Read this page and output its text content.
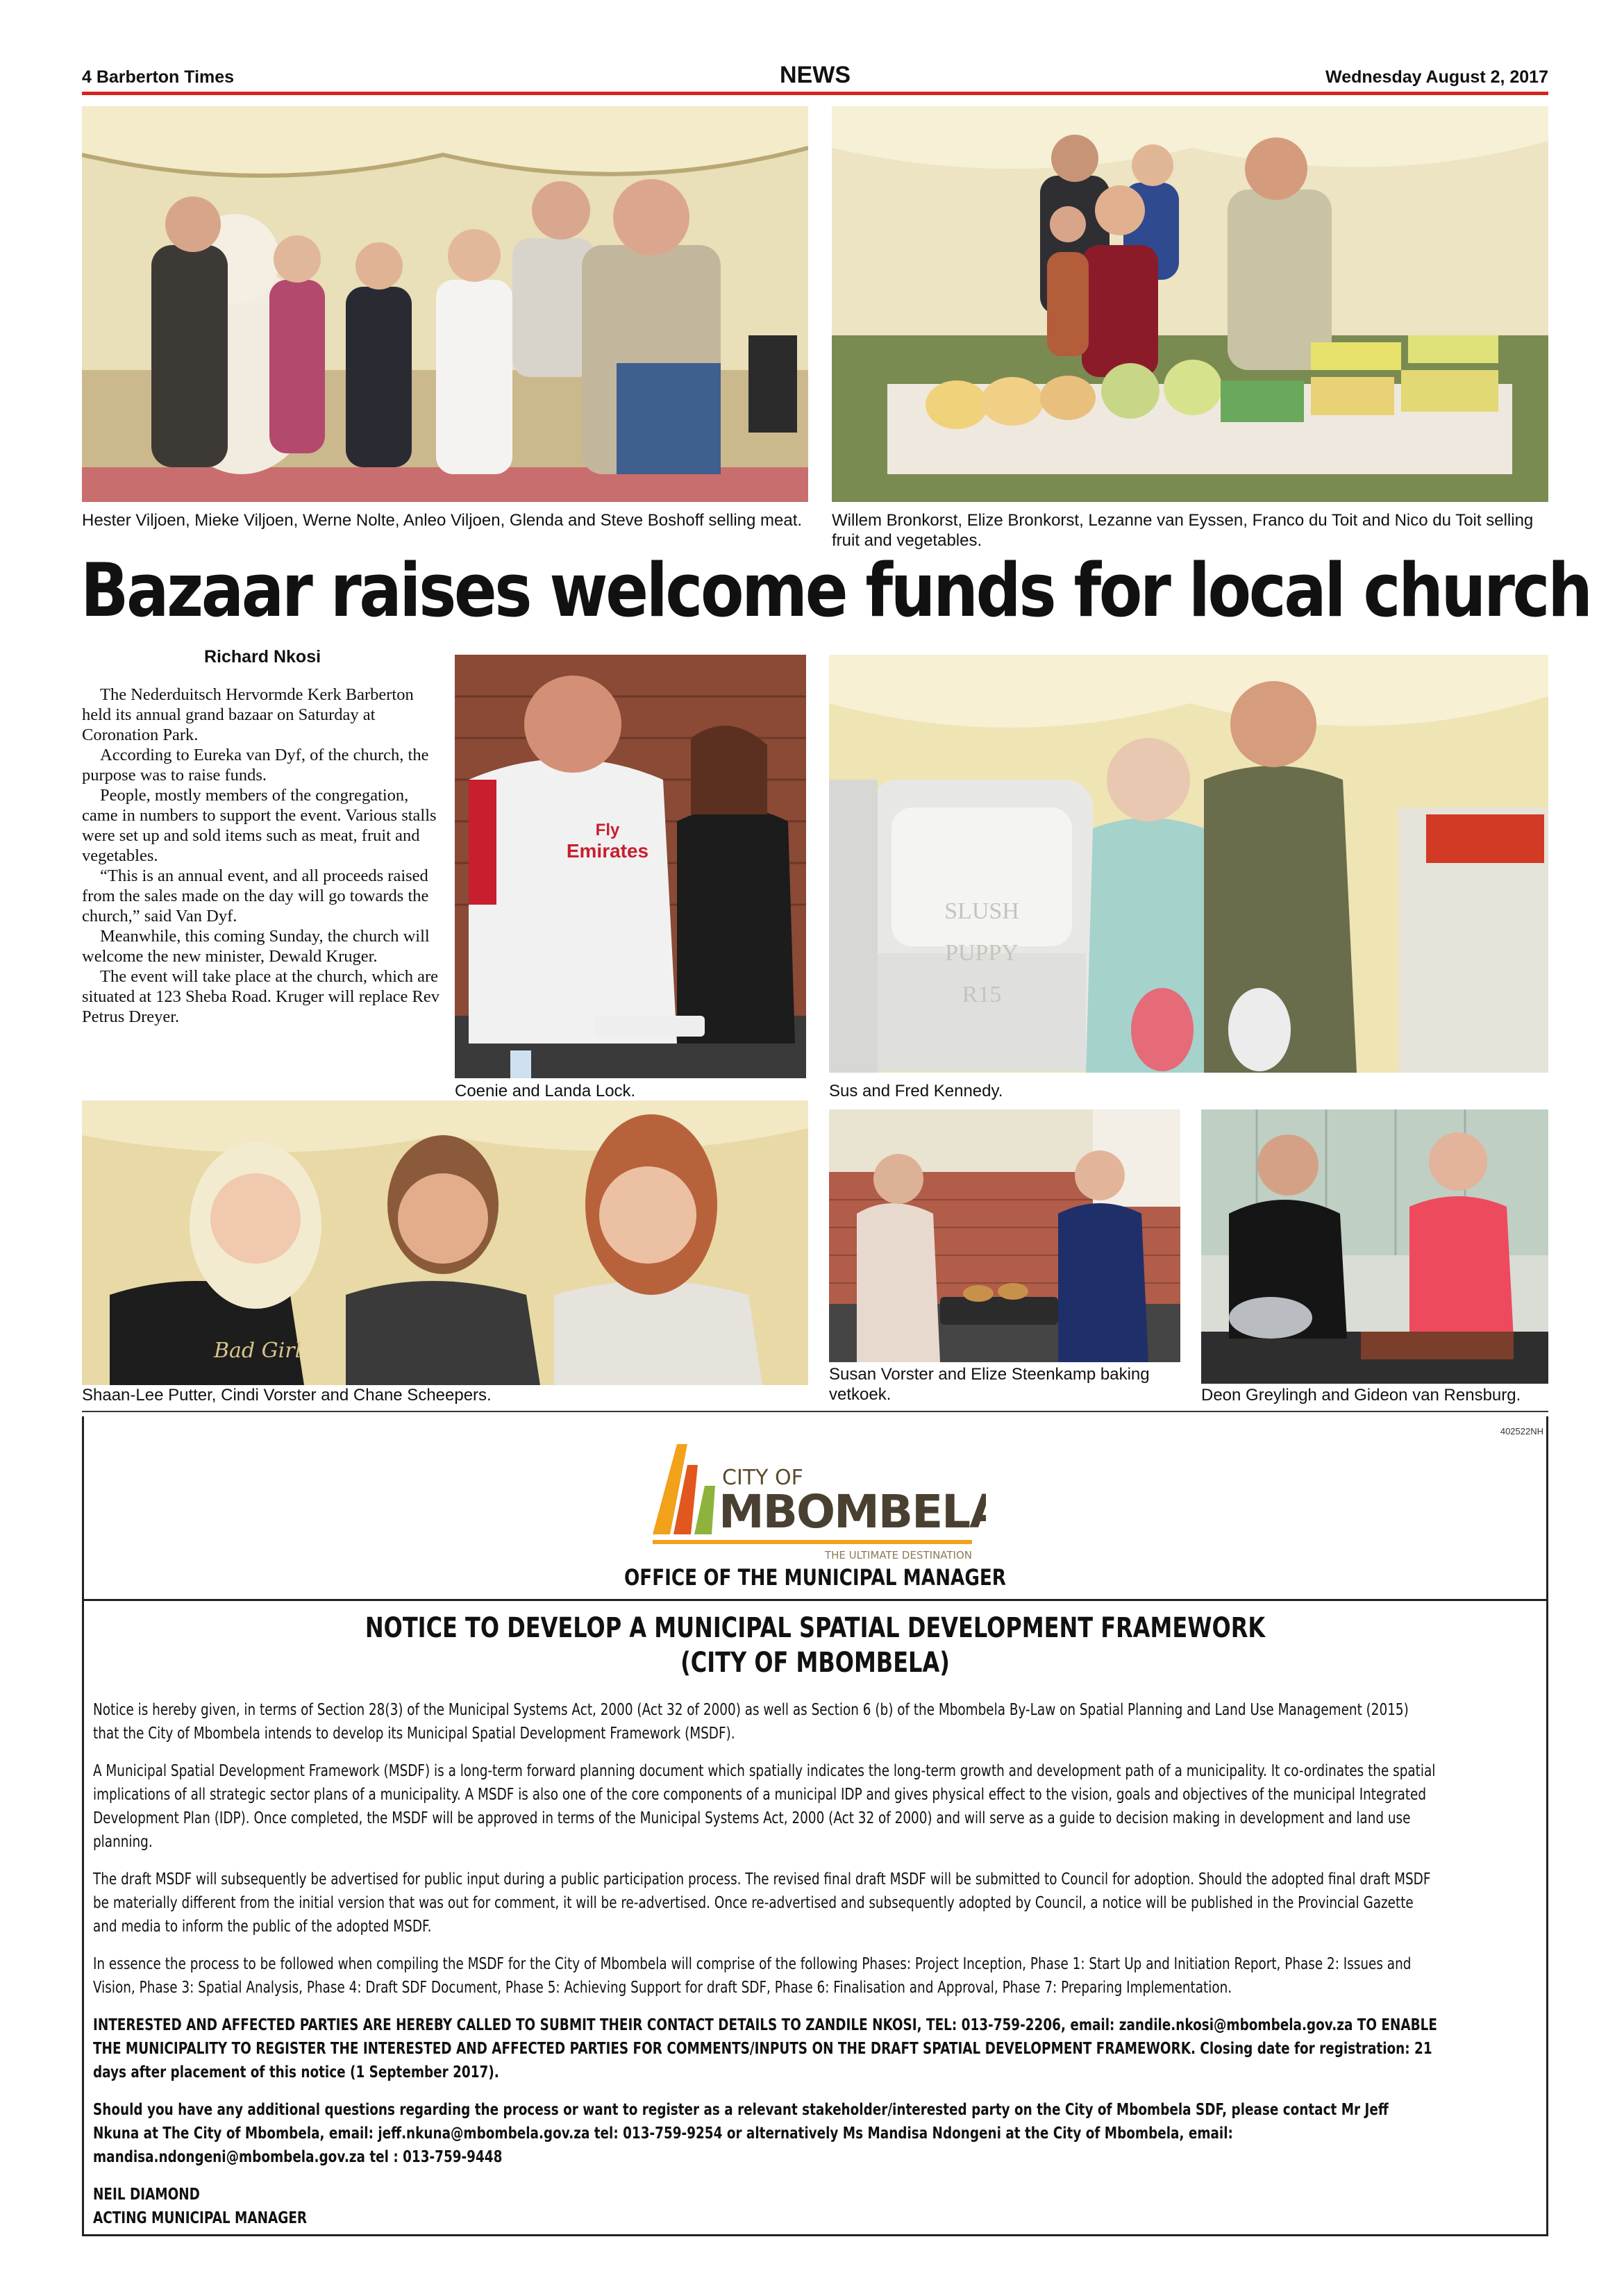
4 Barberton Times	NEWS	Wednesday August 2, 2017
Hester Viljoen, Mieke Viljoen, Werne Nolte, Anleo Viljoen, Glenda and Steve Boshoff selling meat.	Willem Bronkorst, Elize Bronkorst, Lezanne van Eyssen, Franco du Toit and Nico du Toit selling fruit and vegetables.
Bazaar raises welcome funds for local church
Richard Nkosi

The Nederduitsch Hervormde Kerk Barberton held its annual grand bazaar on Saturday at Coronation Park.

According to Eureka van Dyf, of the church, the purpose was to raise funds.

People, mostly members of the congregation, came in numbers to support the event. Various stalls were set up and sold items such as meat, fruit and vegetables.

“This is an annual event, and all proceeds raised from the sales made on the day will go towards the church,” said Van Dyf.

Meanwhile, this coming Sunday, the church will welcome the new minister, Dewald Kruger.

The event will take place at the church, which are situated at 123 Sheba Road. Kruger will replace Rev Petrus Dreyer.

Fly
Emirates
Coenie and Landa Lock.
SLUSH
PUPPY
R15
Sus and Fred Kennedy.
Bad Girl
Shaan-Lee Putter, Cindi Vorster and Chane Scheepers.
Susan Vorster and Elize Steenkamp baking vetkoek.	Deon Greylingh and Gideon van Rensburg.
402522NH
CITY OF
MBOMBELA
THE ULTIMATE DESTINATION
OFFICE OF THE MUNICIPAL MANAGER
NOTICE TO DEVELOP A MUNICIPAL SPATIAL DEVELOPMENT FRAMEWORK
(CITY OF MBOMBELA)

Notice is hereby given, in terms of Section 28(3) of the Municipal Systems Act, 2000 (Act 32 of 2000) as well as Section 6 (b) of the Mbombela By-Law on Spatial Planning and Land Use Management (2015) that the City of Mbombela intends to develop its Municipal Spatial Development Framework (MSDF).

A Municipal Spatial Development Framework (MSDF) is a long-term forward planning document which spatially indicates the long-term growth and development path of a municipality. It co-ordinates the spatial implications of all strategic sector plans of a municipality. A MSDF is also one of the core components of a municipal IDP and gives physical effect to the vision, goals and objectives of the municipal Integrated Development Plan (IDP). Once completed, the MSDF will be approved in terms of the Municipal Systems Act, 2000 (Act 32 of 2000) and will serve as a guide to decision making in development and land use planning.

The draft MSDF will subsequently be advertised for public input during a public participation process. The revised final draft MSDF will be submitted to Council for adoption. Should the adopted final draft MSDF be materially different from the initial version that was out for comment, it will be re-advertised. Once re-advertised and subsequently adopted by Council, a notice will be published in the Provincial Gazette and media to inform the public of the adopted MSDF.

In essence the process to be followed when compiling the MSDF for the City of Mbombela will comprise of the following Phases: Project Inception, Phase 1: Start Up and Initiation Report, Phase 2: Issues and Vision, Phase 3: Spatial Analysis, Phase 4: Draft SDF Document, Phase 5: Achieving Support for draft SDF, Phase 6: Finalisation and Approval, Phase 7: Preparing Implementation.

INTERESTED AND AFFECTED PARTIES ARE HEREBY CALLED TO SUBMIT THEIR CONTACT DETAILS TO ZANDILE NKOSI, TEL: 013-759-2206, email: zandile.nkosi@mbombela.gov.za TO ENABLE THE MUNICIPALITY TO REGISTER THE INTERESTED AND AFFECTED PARTIES FOR COMMENTS/INPUTS ON THE DRAFT SPATIAL DEVELOPMENT FRAMEWORK. Closing date for registration: 21 days after placement of this notice (1 September 2017).

Should you have any additional questions regarding the process or want to register as a relevant stakeholder/interested party on the City of Mbombela SDF, please contact Mr Jeff Nkuna at The City of Mbombela, email: jeff.nkuna@mbombela.gov.za tel: 013-759-9254 or alternatively Ms Mandisa Ndongeni at the City of Mbombela, email: mandisa.ndongeni@mbombela.gov.za tel : 013-759-9448

NEIL DIAMOND
ACTING MUNICIPAL MANAGER
